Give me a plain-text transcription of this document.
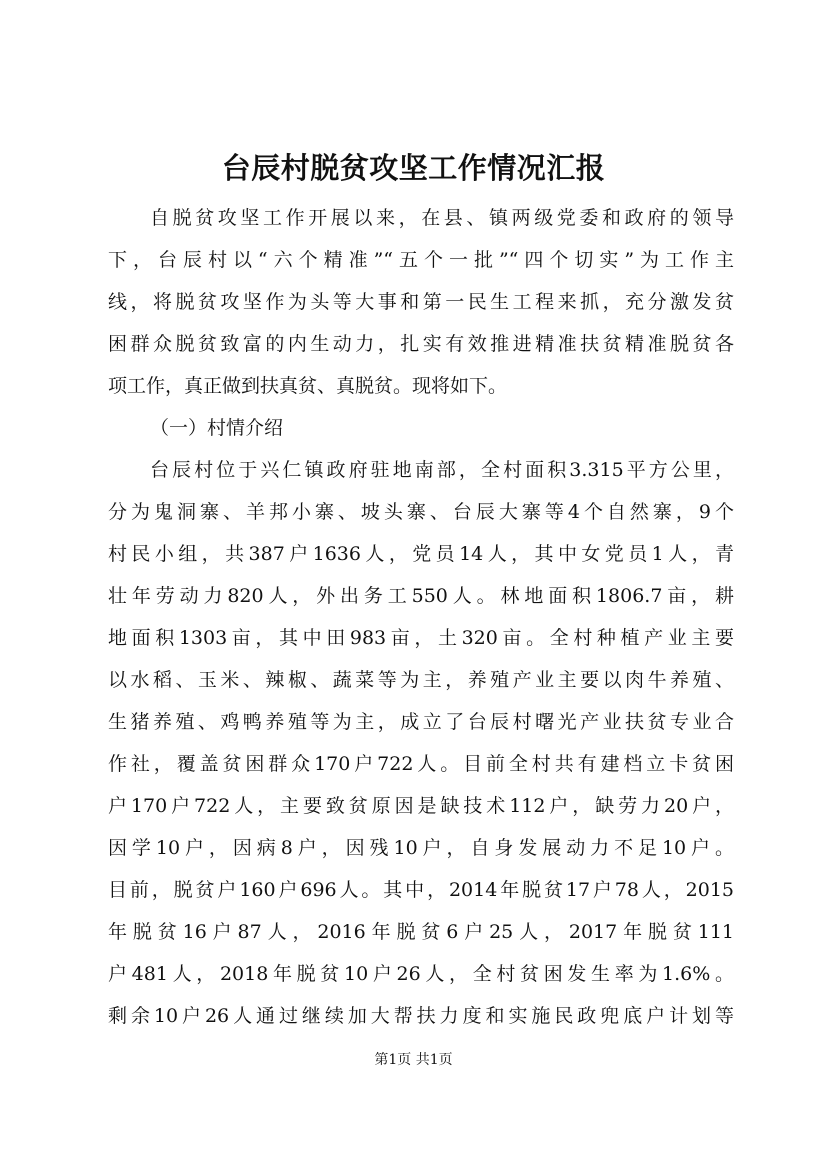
台辰村脱贫攻坚工作情况汇报
自脱贫攻坚工作开展以来，在县、镇两级党委和政府的领导
下，台辰村以“六个精准”“五个一批”“四个切实”为工作主
线，将脱贫攻坚作为头等大事和第一民生工程来抓，充分激发贫
困群众脱贫致富的内生动力，扎实有效推进精准扶贫精准脱贫各
项工作，真正做到扶真贫、真脱贫。现将如下。
（一）村情介绍
台辰村位于兴仁镇政府驻地南部，全村面积3.315平方公里，
分为鬼洞寨、羊邦小寨、坡头寨、台辰大寨等4个自然寨，9个
村民小组，共387户1636人，党员14人，其中女党员1人，青
壮年劳动力820人，外出务工550人。林地面积1806.7亩，耕
地面积1303亩，其中田983亩，土320亩。全村种植产业主要
以水稻、玉米、辣椒、蔬菜等为主，养殖产业主要以肉牛养殖、
生猪养殖、鸡鸭养殖等为主，成立了台辰村曙光产业扶贫专业合
作社，覆盖贫困群众170户722人。目前全村共有建档立卡贫困
户170户722人，主要致贫原因是缺技术112户，缺劳力20户，
因学10户，因病8户，因残10户，自身发展动力不足10户。
目前，脱贫户160户696人。其中，2014年脱贫17户78人，2015
年脱贫16户87人，2016年脱贫6户25人，2017年脱贫111
户481人，2018年脱贫10户26人，全村贫困发生率为1.6%。
剩余10户26人通过继续加大帮扶力度和实施民政兜底户计划等
第1页 共1页
